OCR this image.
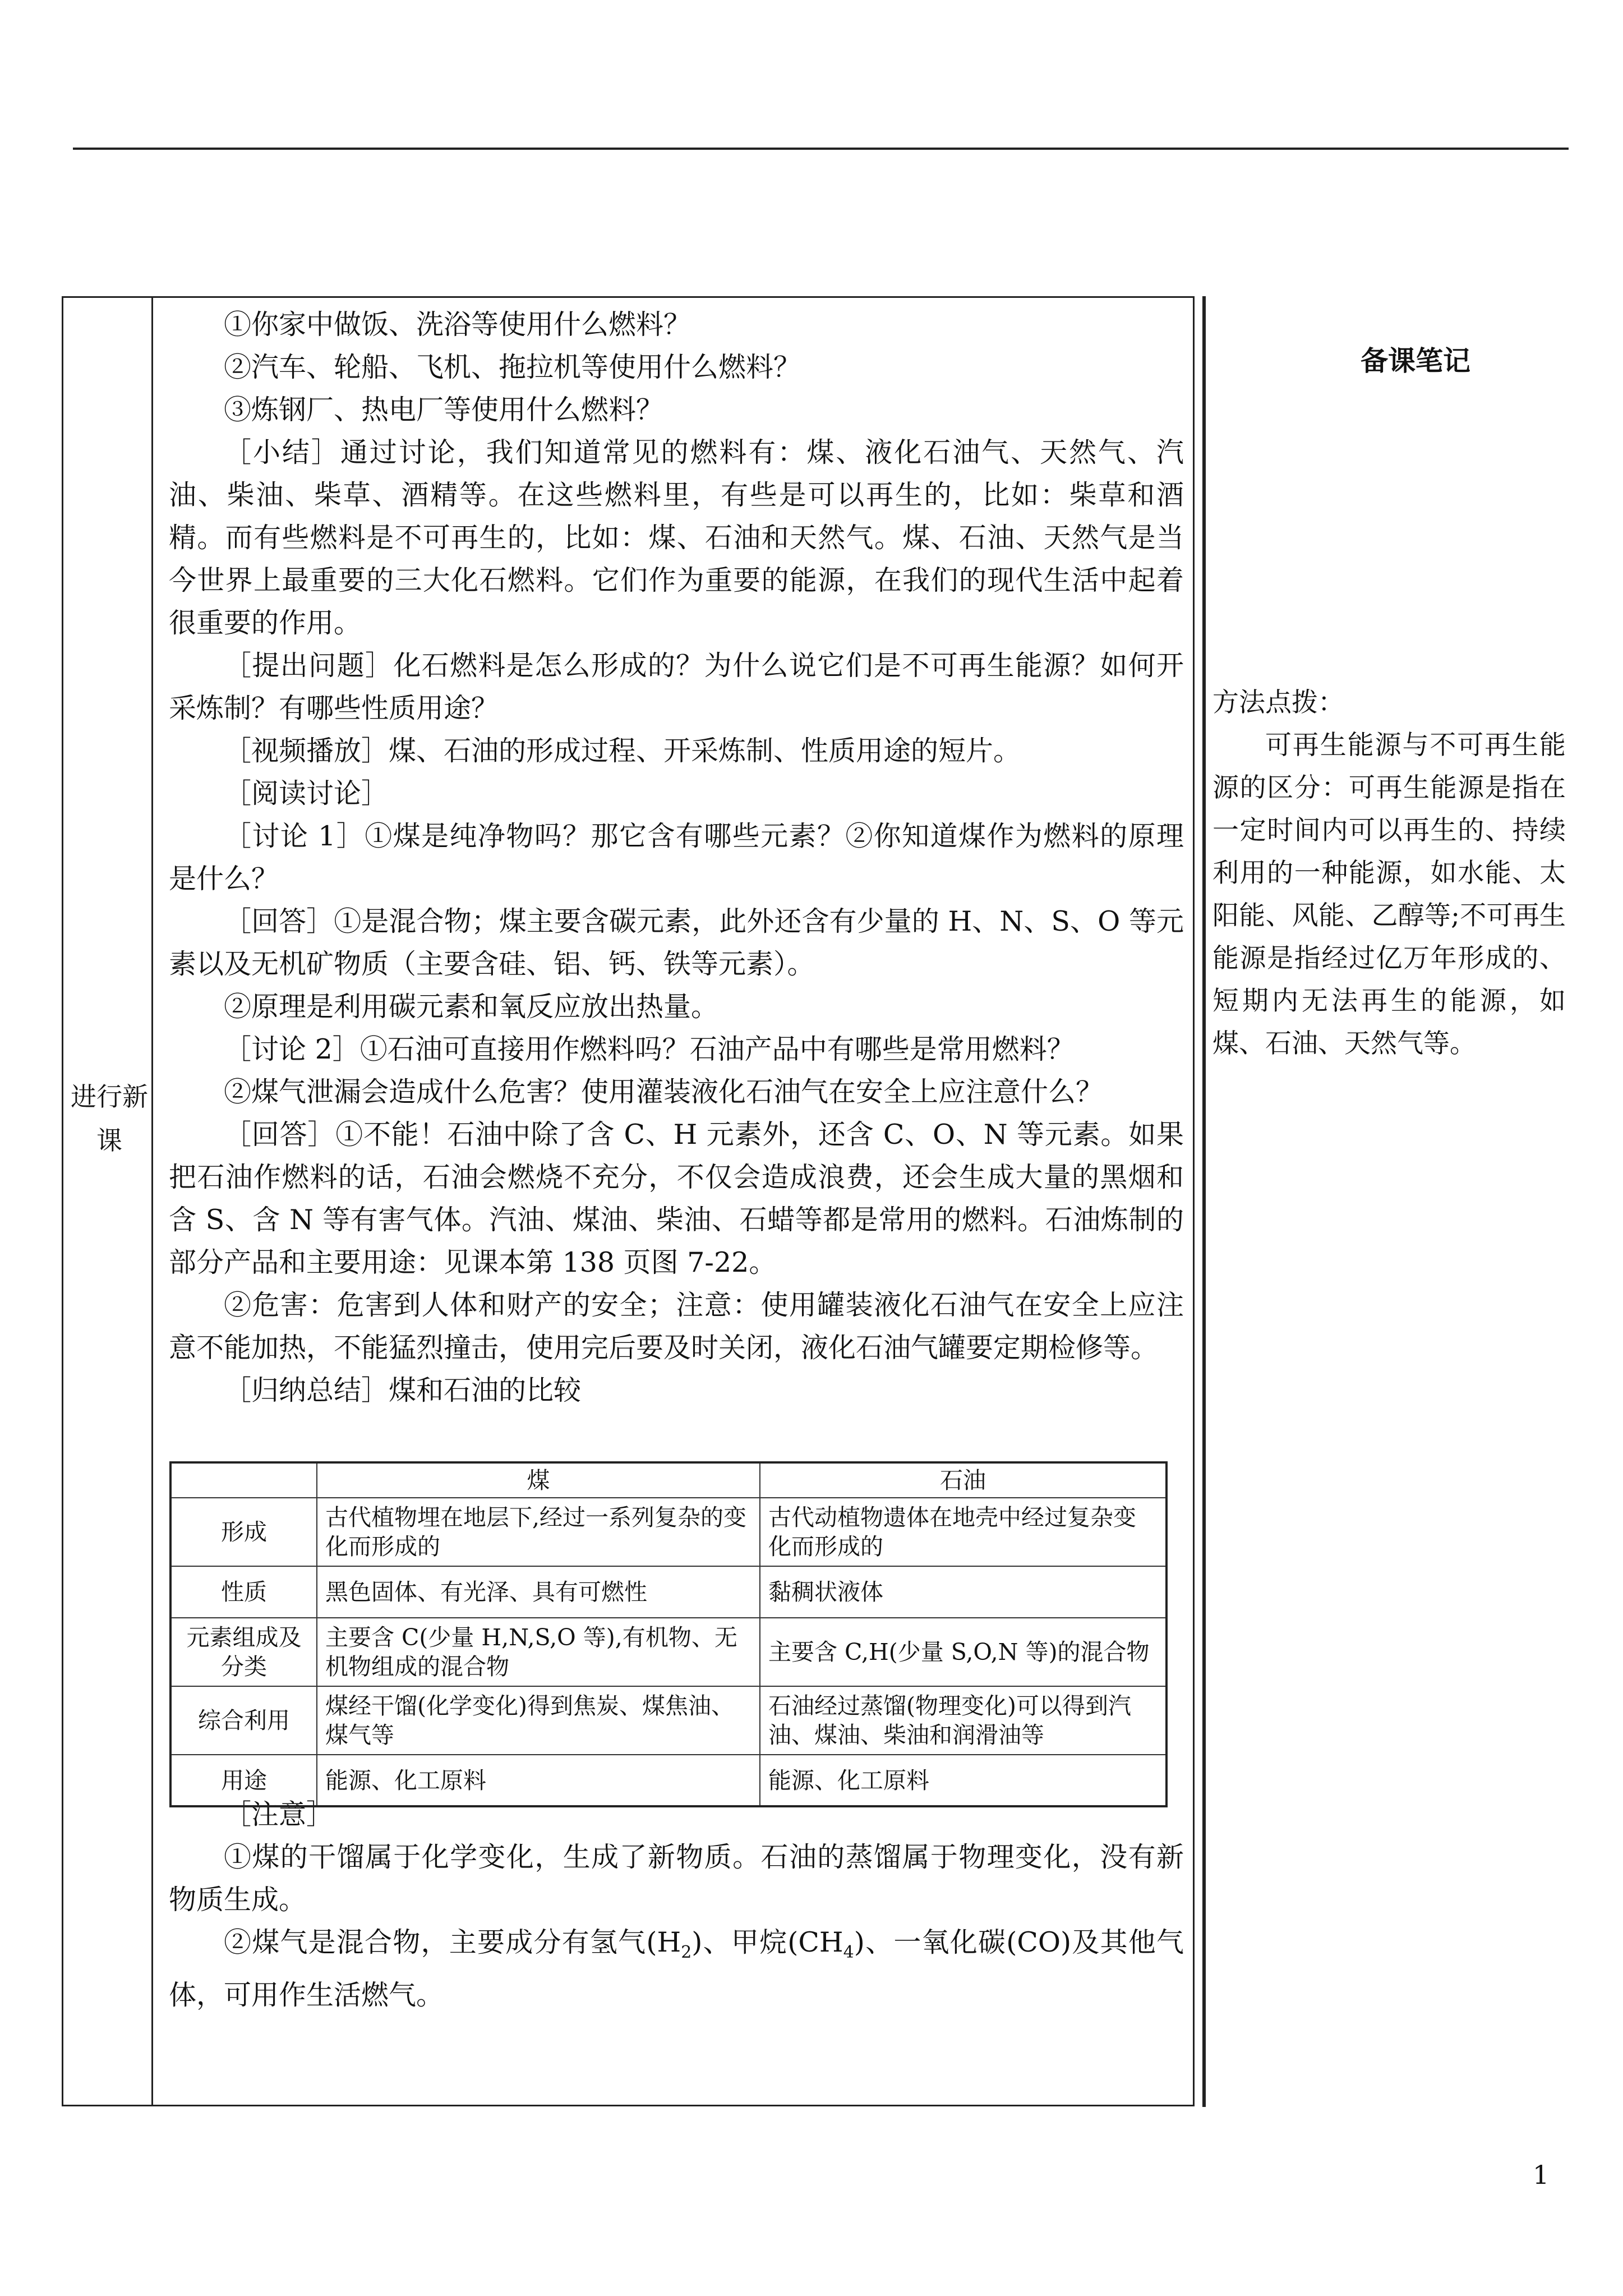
进行新课

①你家中做饭、洗浴等使用什么燃料？

②汽车、轮船、飞机、拖拉机等使用什么燃料？

③炼钢厂、热电厂等使用什么燃料？

［小结］通过讨论，我们知道常见的燃料有：煤、液化石油气、天然气、汽油、柴油、柴草、酒精等。在这些燃料里，有些是可以再生的，比如：柴草和酒精。而有些燃料是不可再生的，比如：煤、石油和天然气。煤、石油、天然气是当今世界上最重要的三大化石燃料。它们作为重要的能源，在我们的现代生活中起着很重要的作用。

［提出问题］化石燃料是怎么形成的？为什么说它们是不可再生能源？如何开采炼制？有哪些性质用途？

［视频播放］煤、石油的形成过程、开采炼制、性质用途的短片。

［阅读讨论］

［讨论 1］①煤是纯净物吗？那它含有哪些元素？②你知道煤作为燃料的原理是什么？

［回答］①是混合物；煤主要含碳元素，此外还含有少量的 H、N、S、O 等元素以及无机矿物质（主要含硅、铝、钙、铁等元素）。

②原理是利用碳元素和氧反应放出热量。

［讨论 2］①石油可直接用作燃料吗？石油产品中有哪些是常用燃料？

②煤气泄漏会造成什么危害？使用灌装液化石油气在安全上应注意什么？

［回答］①不能！石油中除了含 C、H 元素外，还含 C、O、N 等元素。如果把石油作燃料的话，石油会燃烧不充分，不仅会造成浪费，还会生成大量的黑烟和含 S、含 N 等有害气体。汽油、煤油、柴油、石蜡等都是常用的燃料。石油炼制的部分产品和主要用途：见课本第 138 页图 7-22。

②危害：危害到人体和财产的安全；注意：使用罐装液化石油气在安全上应注意不能加热，不能猛烈撞击，使用完后要及时关闭，液化石油气罐要定期检修等。

［归纳总结］煤和石油的比较

［注意］

①煤的干馏属于化学变化，生成了新物质。石油的蒸馏属于物理变化，没有新物质生成。

②煤气是混合物，主要成分有氢气$(H_2)$、甲烷$(CH_4)$、一氧化碳(CO)及其他气体，可用作生活燃气。

	煤	石油
形成	古代植物埋在地层下,经过一系列复杂的变化而形成的	古代动植物遗体在地壳中经过复杂变化而形成的
性质	黑色固体、有光泽、具有可燃性	黏稠状液体
元素组成及分类	主要含 C(少量 H,N,S,O 等),有机物、无机物组成的混合物	主要含 C,H(少量 S,O,N 等)的混合物
综合利用	煤经干馏(化学变化)得到焦炭、煤焦油、煤气等	石油经过蒸馏(物理变化)可以得到汽油、煤油、柴油和润滑油等
用途	能源、化工原料	能源、化工原料
备课笔记

方法点拨：

可再生能源与不可再生能源的区分：可再生能源是指在一定时间内可以再生的、持续利用的一种能源，如水能、太阳能、风能、乙醇等;不可再生能源是指经过亿万年形成的、短期内无法再生的能源，如煤、石油、天然气等。

1
